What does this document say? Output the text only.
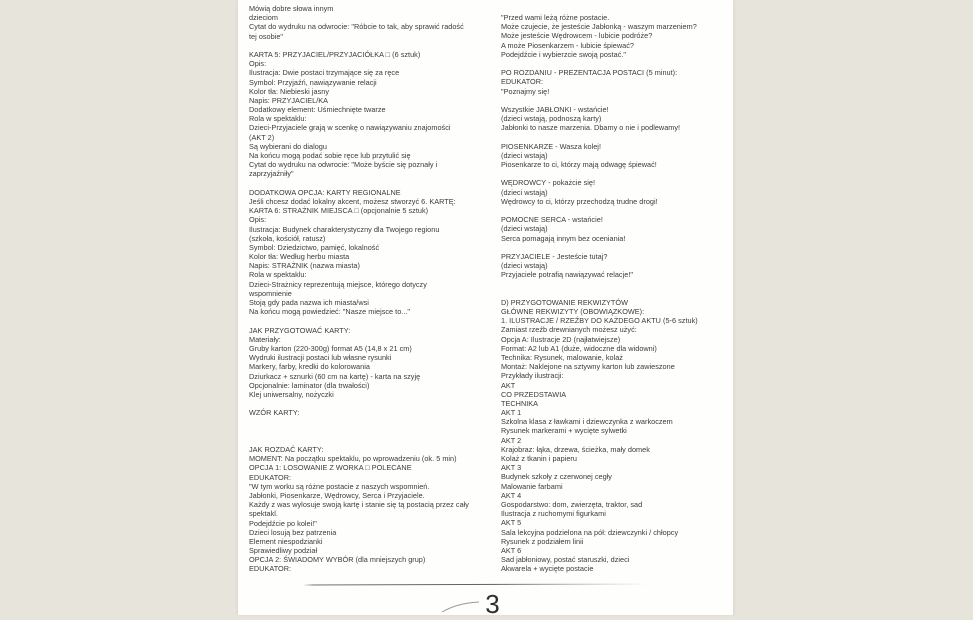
Mówią dobre słowa innym
dzieciom
Cytat do wydruku na odwrocie: "Róbcie to tak, aby sprawić radość
tej osobie"

KARTA 5: PRZYJACIEL/PRZYJACIÓŁKA □ (6 sztuk)
Opis:
Ilustracja: Dwie postaci trzymające się za ręce
Symbol: Przyjaźń, nawiązywanie relacji
Kolor tła: Niebieski jasny
Napis: PRZYJACIEL/KA
Dodatkowy element: Uśmiechnięte twarze
Rola w spektaklu:
Dzieci-Przyjaciele grają w scenkę o nawiązywaniu znajomości
(AKT 2)
Są wybierani do dialogu
Na końcu mogą podać sobie ręce lub przytulić się
Cytat do wydruku na odwrocie: "Może byście się poznały i
zaprzyjaźniły"

DODATKOWA OPCJA: KARTY REGIONALNE
Jeśli chcesz dodać lokalny akcent, możesz stworzyć 6. KARTĘ:
KARTA 6: STRAŻNIK MIEJSCA □ (opcjonalnie 5 sztuk)
Opis:
Ilustracja: Budynek charakterystyczny dla Twojego regionu
(szkoła, kościół, ratusz)
Symbol: Dziedzictwo, pamięć, lokalność
Kolor tła: Według herbu miasta
Napis: STRAŻNIK (nazwa miasta)
Rola w spektaklu:
Dzieci-Strażnicy reprezentują miejsce, którego dotyczy
wspomnienie
Stoją gdy pada nazwa ich miasta/wsi
Na końcu mogą powiedzieć: "Nasze miejsce to..."

JAK PRZYGOTOWAĆ KARTY:
Materiały:
Gruby karton (220-300g) format A5 (14,8 x 21 cm)
Wydruki ilustracji postaci lub własne rysunki
Markery, farby, kredki do kolorowania
Dziurkacz + sznurki (60 cm na kartę) - karta na szyję
Opcjonalnie: laminator (dla trwałości)
Klej uniwersalny, nożyczki

WZÓR KARTY:

JAK ROZDAĆ KARTY:
MOMENT: Na początku spektaklu, po wprowadzeniu (ok. 5 min)
OPCJA 1: LOSOWANIE Z WORKA □ POLECANE
EDUKATOR:
"W tym worku są różne postacie z naszych wspomnień.
Jabłonki, Piosenkarze, Wędrowcy, Serca i Przyjaciele.
Każdy z was wylosuje swoją kartę i stanie się tą postacią przez cały
spektakl.
Podejdźcie po kolei!"
Dzieci losują bez patrzenia
Element niespodzianki
Sprawiedliwy podział
OPCJA 2: ŚWIADOMY WYBÓR (dla mniejszych grup)
EDUKATOR:
"Przed wami leżą różne postacie.
Może czujecie, że jesteście Jabłonką - waszym marzeniem?
Może jesteście Wędrowcem - lubicie podróże?
A może Piosenkarzem - lubicie śpiewać?
Podejdźcie i wybierzcie swoją postać."

PO ROZDANIU - PREZENTACJA POSTACI (5 minut):
EDUKATOR:
"Poznajmy się!

Wszystkie JABŁONKI - wstańcie!
(dzieci wstają, podnoszą karty)
Jabłonki to nasze marzenia. Dbamy o nie i podlewamy!

PIOSENKARZE - Wasza kolej!
(dzieci wstają)
Piosenkarze to ci, którzy mają odwagę śpiewać!

WĘDROWCY - pokażcie się!
(dzieci wstają)
Wędrowcy to ci, którzy przechodzą trudne drogi!

POMOCNE SERCA - wstańcie!
(dzieci wstają)
Serca pomagają innym bez oceniania!

PRZYJACIELE - Jesteście tutaj?
(dzieci wstają)
Przyjaciele potrafią nawiązywać relacje!"

D) PRZYGOTOWANIE REKWIZYTÓW
GŁÓWNE REKWIZYTY (OBOWIĄZKOWE):
1. ILUSTRACJE / RZEŹBY DO KAŻDEGO AKTU (5-6 sztuk)
Zamiast rzeźb drewnianych możesz użyć:
Opcja A: Ilustracje 2D (najłatwiejsze)
Format: A2 lub A1 (duże, widoczne dla widowni)
Technika: Rysunek, malowanie, kolaż
Montaż: Naklejone na sztywny karton lub zawieszone
Przykłady ilustracji:
AKT
CO PRZEDSTAWIA
TECHNIKA
AKT 1
Szkolna klasa z ławkami i dziewczynka z warkoczem
Rysunek markerami + wycięte sylwetki
AKT 2
Krajobraz: łąka, drzewa, ścieżka, mały domek
Kolaż z tkanin i papieru
AKT 3
Budynek szkoły z czerwonej cegły
Malowanie farbami
AKT 4
Gospodarstwo: dom, zwierzęta, traktor, sad
Ilustracja z ruchomymi figurkami
AKT 5
Sala lekcyjna podzielona na pół: dziewczynki / chłopcy
Rysunek z podziałem linii
AKT 6
Sad jabłoniowy, postać staruszki, dzieci
Akwarela + wycięte postacie
3
